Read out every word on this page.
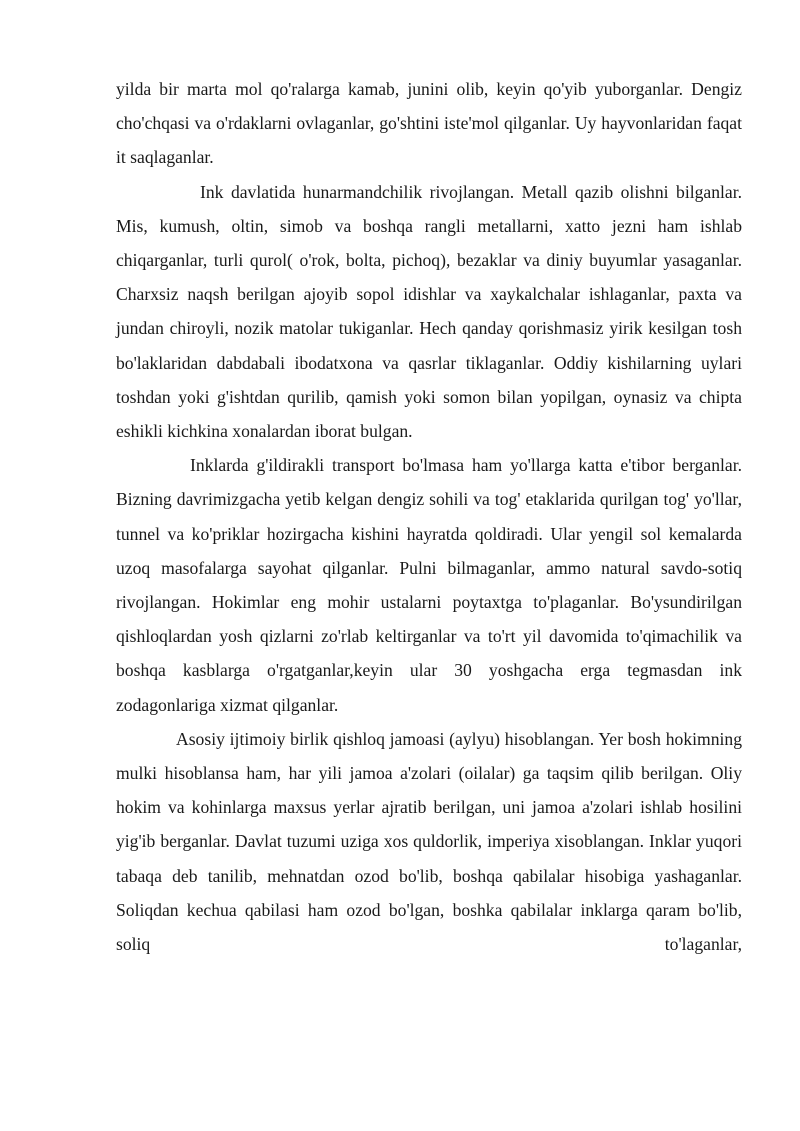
yilda bir marta mol qo'ralarga kamab, junini olib, keyin qo'yib yuborganlar. Dengiz cho'chqasi va o'rdaklarni ovlaganlar, go'shtini iste'mol qilganlar. Uy hayvonlaridan faqat it saqlaganlar.

Ink davlatida hunarmandchilik rivojlangan. Metall qazib olishni bilganlar. Mis, kumush, oltin, simob va boshqa rangli metallarni, xatto jezni ham ishlab chiqarganlar, turli qurol( o'rok, bolta, pichoq), bezaklar va diniy buyumlar yasaganlar. Charxsiz naqsh berilgan ajoyib sopol idishlar va xaykalchalar ishlaganlar, paxta va jundan chiroyli, nozik matolar tukiganlar. Hech qanday qorishmasiz yirik kesilgan tosh bo'laklaridan dabdabali ibodatxona va qasrlar tiklaganlar. Oddiy kishilarning uylari toshdan yoki g'ishtdan qurilib, qamish yoki somon bilan yopilgan, oynasiz va chipta eshikli kichkina xonalardan iborat bulgan.

Inklarda g'ildirakli transport bo'lmasa ham yo'llarga katta e'tibor berganlar. Bizning davrimizgacha yetib kelgan dengiz sohili va tog' etaklarida qurilgan tog' yo'llar, tunnel va ko'priklar hozirgacha kishini hayratda qoldiradi. Ular yengil sol kemalarda uzoq masofalarga sayohat qilganlar. Pulni bilmaganlar, ammo natural savdo-sotiq rivojlangan. Hokimlar eng mohir ustalarni poytaxtga to'plaganlar. Bo'ysundirilgan qishloqlardan yosh qizlarni zo'rlab keltirganlar va to'rt yil davomida to'qimachilik va boshqa kasblarga o'rgatganlar,keyin ular 30 yoshgacha erga tegmasdan ink zodagonlariga xizmat qilganlar.

Asosiy ijtimoiy birlik qishloq jamoasi (aylyu) hisoblangan. Yer bosh hokimning mulki hisoblansa ham, har yili jamoa a'zolari (oilalar) ga taqsim qilib berilgan. Oliy hokim va kohinlarga maxsus yerlar ajratib berilgan, uni jamoa a'zolari ishlab hosilini yig'ib berganlar. Davlat tuzumi uziga xos quldorlik, imperiya xisoblangan. Inklar yuqori tabaqa deb tanilib, mehnatdan ozod bo'lib, boshqa qabilalar hisobiga yashaganlar. Soliqdan kechua qabilasi ham ozod bo'lgan, boshka qabilalar inklarga qaram bo'lib, soliq to'laganlar,
